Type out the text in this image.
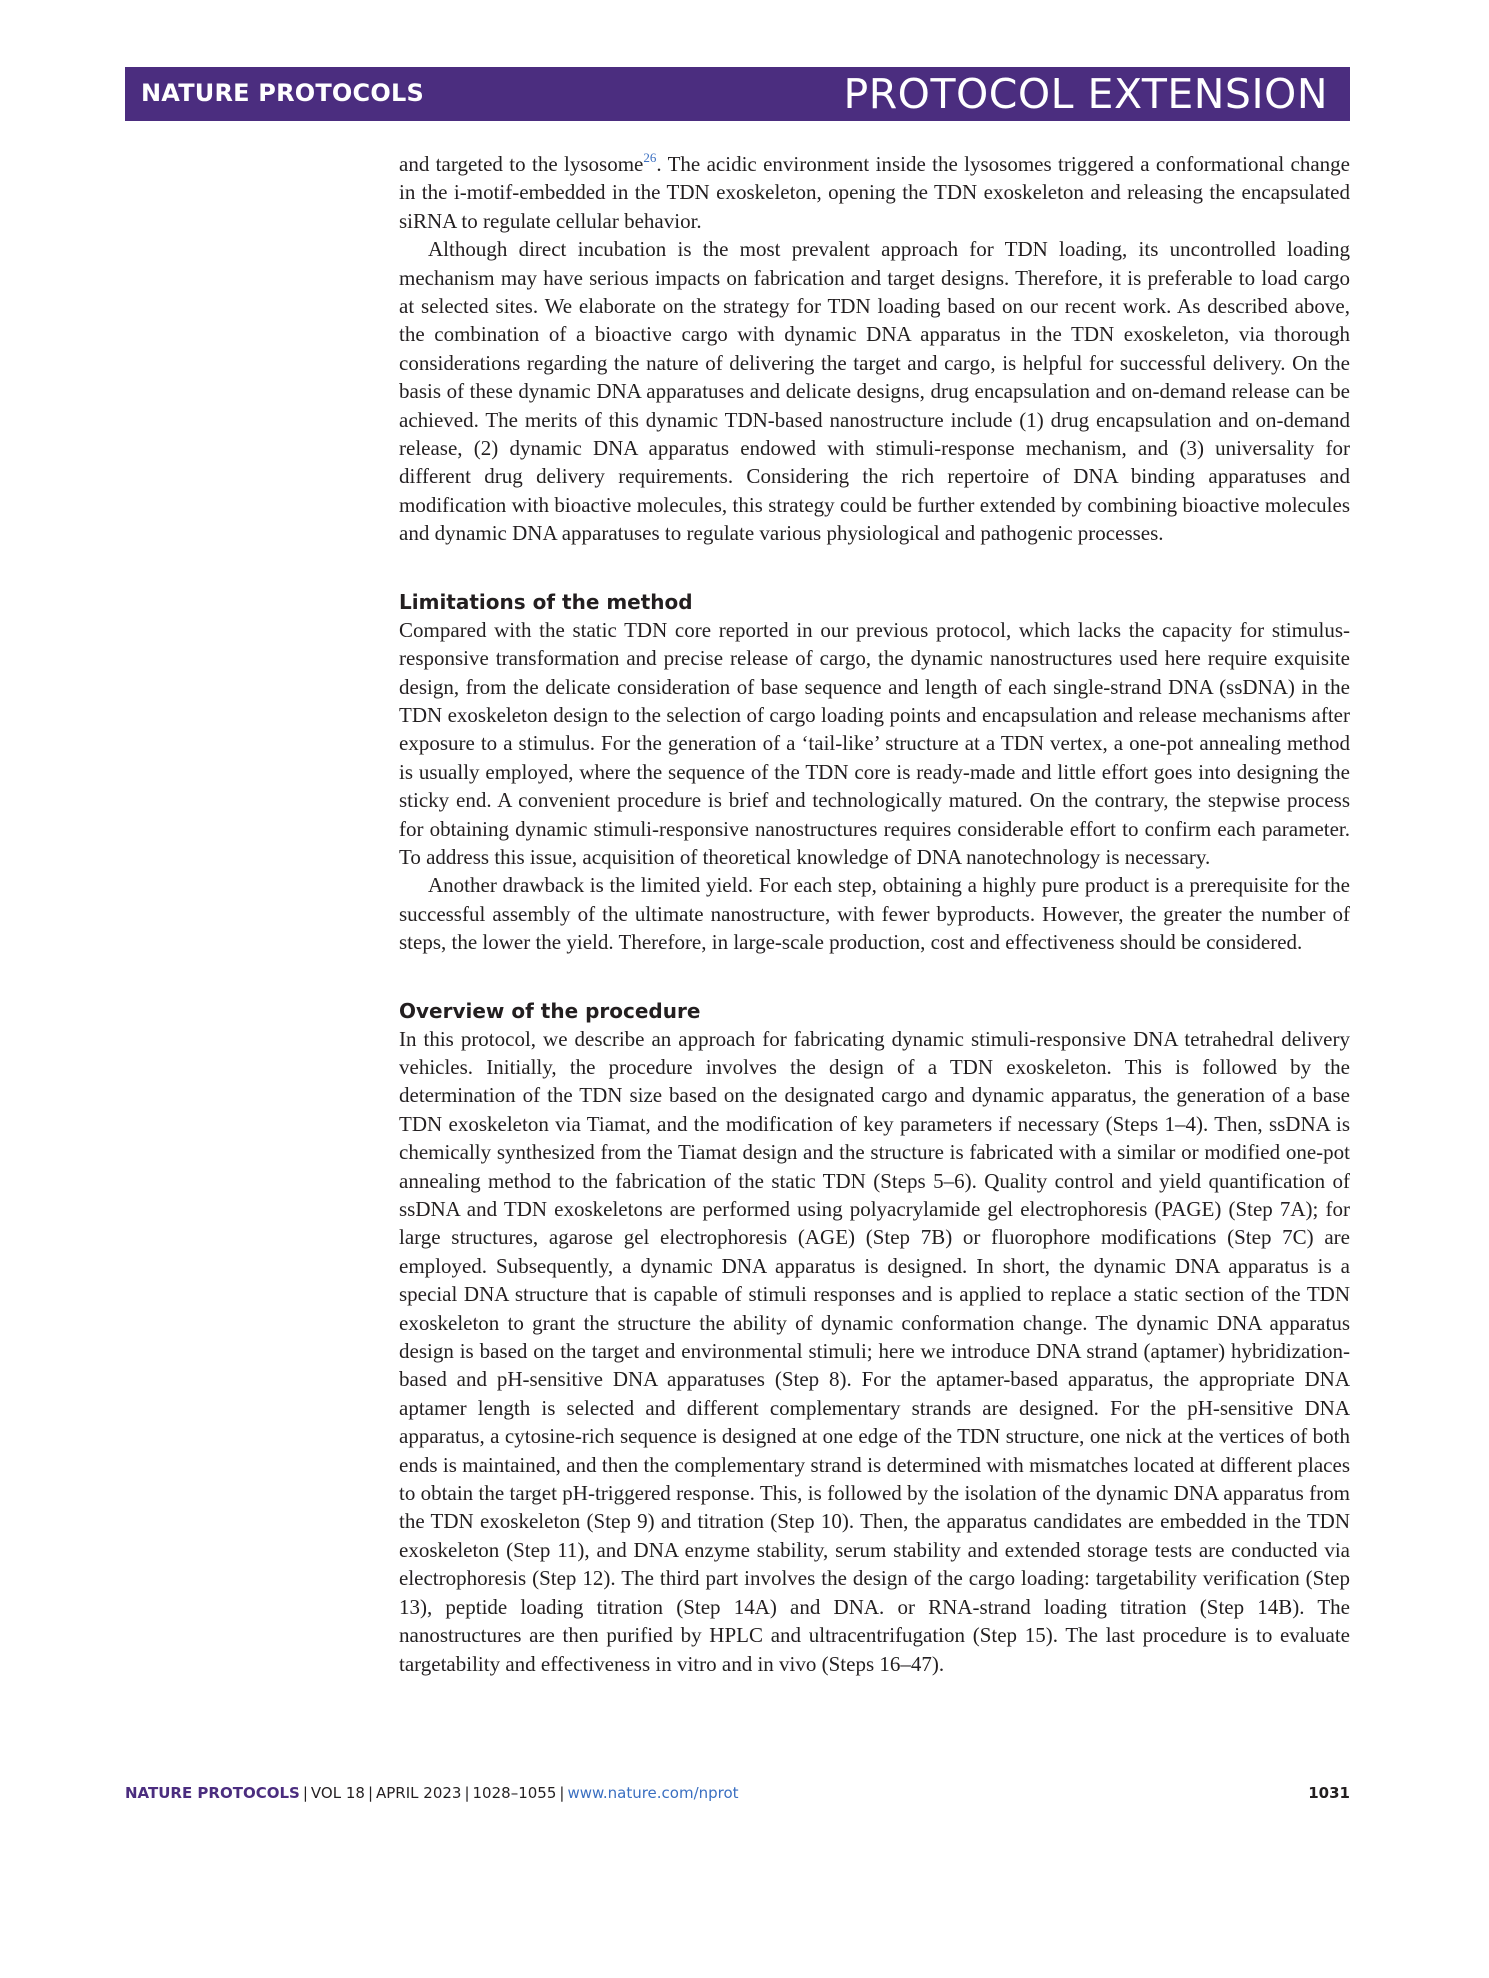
NATURE PROTOCOLS	PROTOCOL EXTENSION

and targeted to the lysosome$^{26}$. The acidic environment inside the lysosomes triggered a conformational change in the i-motif-embedded in the TDN exoskeleton, opening the TDN exoskeleton and releasing the encapsulated siRNA to regulate cellular behavior.

Although direct incubation is the most prevalent approach for TDN loading, its uncontrolled loading mechanism may have serious impacts on fabrication and target designs. Therefore, it is preferable to load cargo at selected sites. We elaborate on the strategy for TDN loading based on our recent work. As described above, the combination of a bioactive cargo with dynamic DNA apparatus in the TDN exoskeleton, via thorough considerations regarding the nature of delivering the target and cargo, is helpful for successful delivery. On the basis of these dynamic DNA apparatuses and delicate designs, drug encapsulation and on-demand release can be achieved. The merits of this dynamic TDN-based nanostructure include (1) drug encapsulation and on-demand release, (2) dynamic DNA apparatus endowed with stimuli-response mechanism, and (3) universality for different drug delivery requirements. Considering the rich repertoire of DNA binding apparatuses and modification with bioactive molecules, this strategy could be further extended by combining bioactive molecules and dynamic DNA apparatuses to regulate various physiological and pathogenic processes.

Limitations of the method

Compared with the static TDN core reported in our previous protocol, which lacks the capacity for stimulus-responsive transformation and precise release of cargo, the dynamic nanostructures used here require exquisite design, from the delicate consideration of base sequence and length of each single-strand DNA (ssDNA) in the TDN exoskeleton design to the selection of cargo loading points and encapsulation and release mechanisms after exposure to a stimulus. For the generation of a ‘tail-like’ structure at a TDN vertex, a one-pot annealing method is usually employed, where the sequence of the TDN core is ready-made and little effort goes into designing the sticky end. A convenient procedure is brief and technologically matured. On the contrary, the stepwise process for obtaining dynamic stimuli-responsive nanostructures requires considerable effort to confirm each parameter. To address this issue, acquisition of theoretical knowledge of DNA nanotechnology is necessary.

Another drawback is the limited yield. For each step, obtaining a highly pure product is a prerequisite for the successful assembly of the ultimate nanostructure, with fewer byproducts. However, the greater the number of steps, the lower the yield. Therefore, in large-scale production, cost and effectiveness should be considered.

Overview of the procedure

In this protocol, we describe an approach for fabricating dynamic stimuli-responsive DNA tetrahedral delivery vehicles. Initially, the procedure involves the design of a TDN exoskeleton. This is followed by the determination of the TDN size based on the designated cargo and dynamic apparatus, the generation of a base TDN exoskeleton via Tiamat, and the modification of key parameters if necessary (Steps 1–4). Then, ssDNA is chemically synthesized from the Tiamat design and the structure is fabricated with a similar or modified one-pot annealing method to the fabrication of the static TDN (Steps 5–6). Quality control and yield quantification of ssDNA and TDN exoskeletons are performed using polyacrylamide gel electrophoresis (PAGE) (Step 7A); for large structures, agarose gel electrophoresis (AGE) (Step 7B) or fluorophore modifications (Step 7C) are employed. Subsequently, a dynamic DNA apparatus is designed. In short, the dynamic DNA apparatus is a special DNA structure that is capable of stimuli responses and is applied to replace a static section of the TDN exoskeleton to grant the structure the ability of dynamic conformation change. The dynamic DNA apparatus design is based on the target and environmental stimuli; here we introduce DNA strand (aptamer) hybridization-based and pH-sensitive DNA apparatuses (Step 8). For the aptamer-based apparatus, the appropriate DNA aptamer length is selected and different complementary strands are designed. For the pH-sensitive DNA apparatus, a cytosine-rich sequence is designed at one edge of the TDN structure, one nick at the vertices of both ends is maintained, and then the complementary strand is determined with mismatches located at different places to obtain the target pH-triggered response. This, is followed by the isolation of the dynamic DNA apparatus from the TDN exoskeleton (Step 9) and titration (Step 10). Then, the apparatus candidates are embedded in the TDN exoskeleton (Step 11), and DNA enzyme stability, serum stability and extended storage tests are conducted via electrophoresis (Step 12). The third part involves the design of the cargo loading: targetability verification (Step 13), peptide loading titration (Step 14A) and DNA. or RNA-strand loading titration (Step 14B). The nanostructures are then purified by HPLC and ultracentrifugation (Step 15). The last procedure is to evaluate targetability and effectiveness in vitro and in vivo (Steps 16–47).

NATURE PROTOCOLS | VOL 18 | APRIL 2023 | 1028–1055 | www.nature.com/nprot	1031
